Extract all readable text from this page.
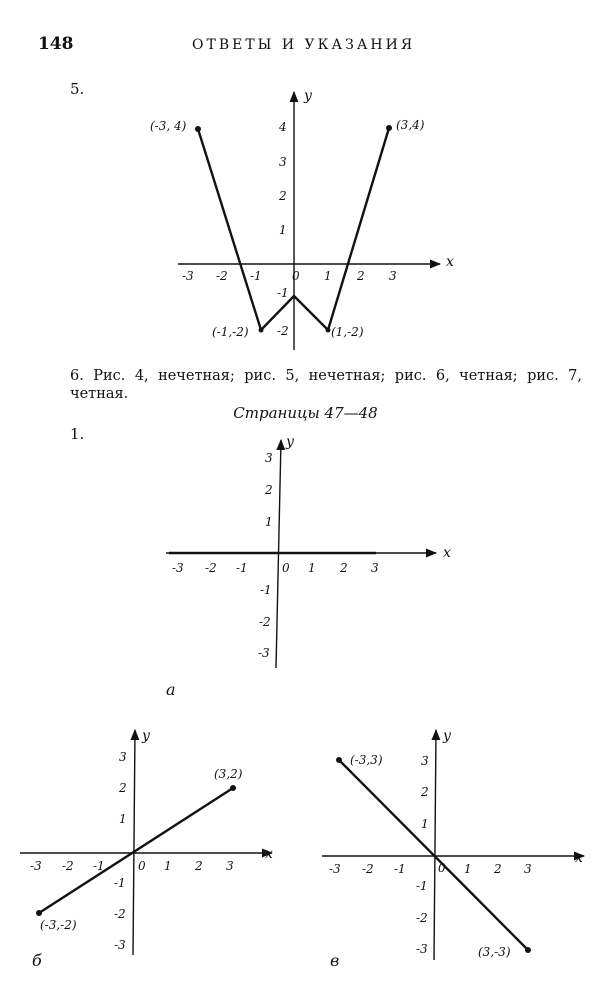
148	ОТВЕТЫ И УКАЗАНИЯ
5.
6. Рис. 4, нечетная; рис. 5, нечетная; рис. 6, четная; рис. 7, четная.
Страницы 47—48
1.
x
y
0
-3 -2 -1	1 2 3
4
3
2
1
-1
-2
(-3, 4)	(3,4)
(-1,-2)	(1,-2)
x
y
0
-3 -2 -1	1 2 3
3
2
1
-1
-2
-3
а
x
y
0
-3 -2 -1	1 2 3
3
2
1
-1
-2
-3
(3,2)
(-3,-2)
б
x
y
0
-3 -2 -1	1 2 3
3
2
1
-1
-2
-3
(-3,3)
(3,-3)
в
